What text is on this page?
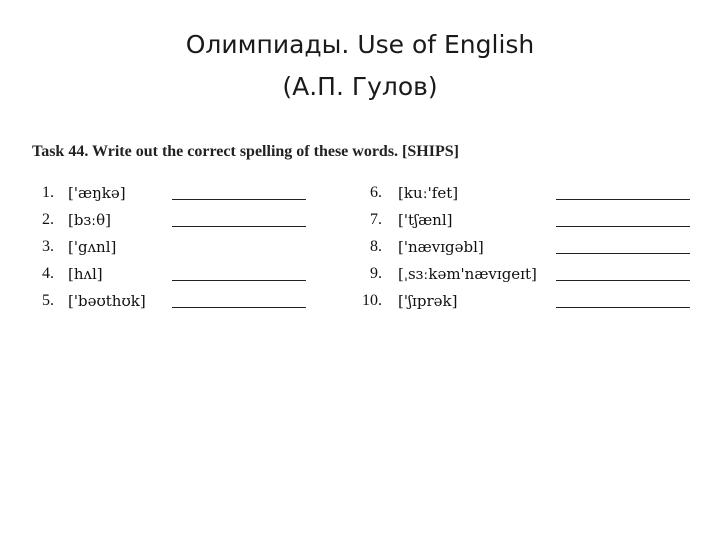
Олимпиады. Use of English
(А.П. Гулов)
Task 44. Write out the correct spelling of these words. [SHIPS]
1. ['æŋkə]
2. [bɜːθ]
3. ['gʌnl]
4. [hʌl]
5. ['bəʊthʊk]
6. [kuː'fet]
7. ['tʃænl]
8. ['nævɪgəbl]
9. [ˌsɜːkəm'nævɪgeɪt]
10. ['ʃɪprək]
